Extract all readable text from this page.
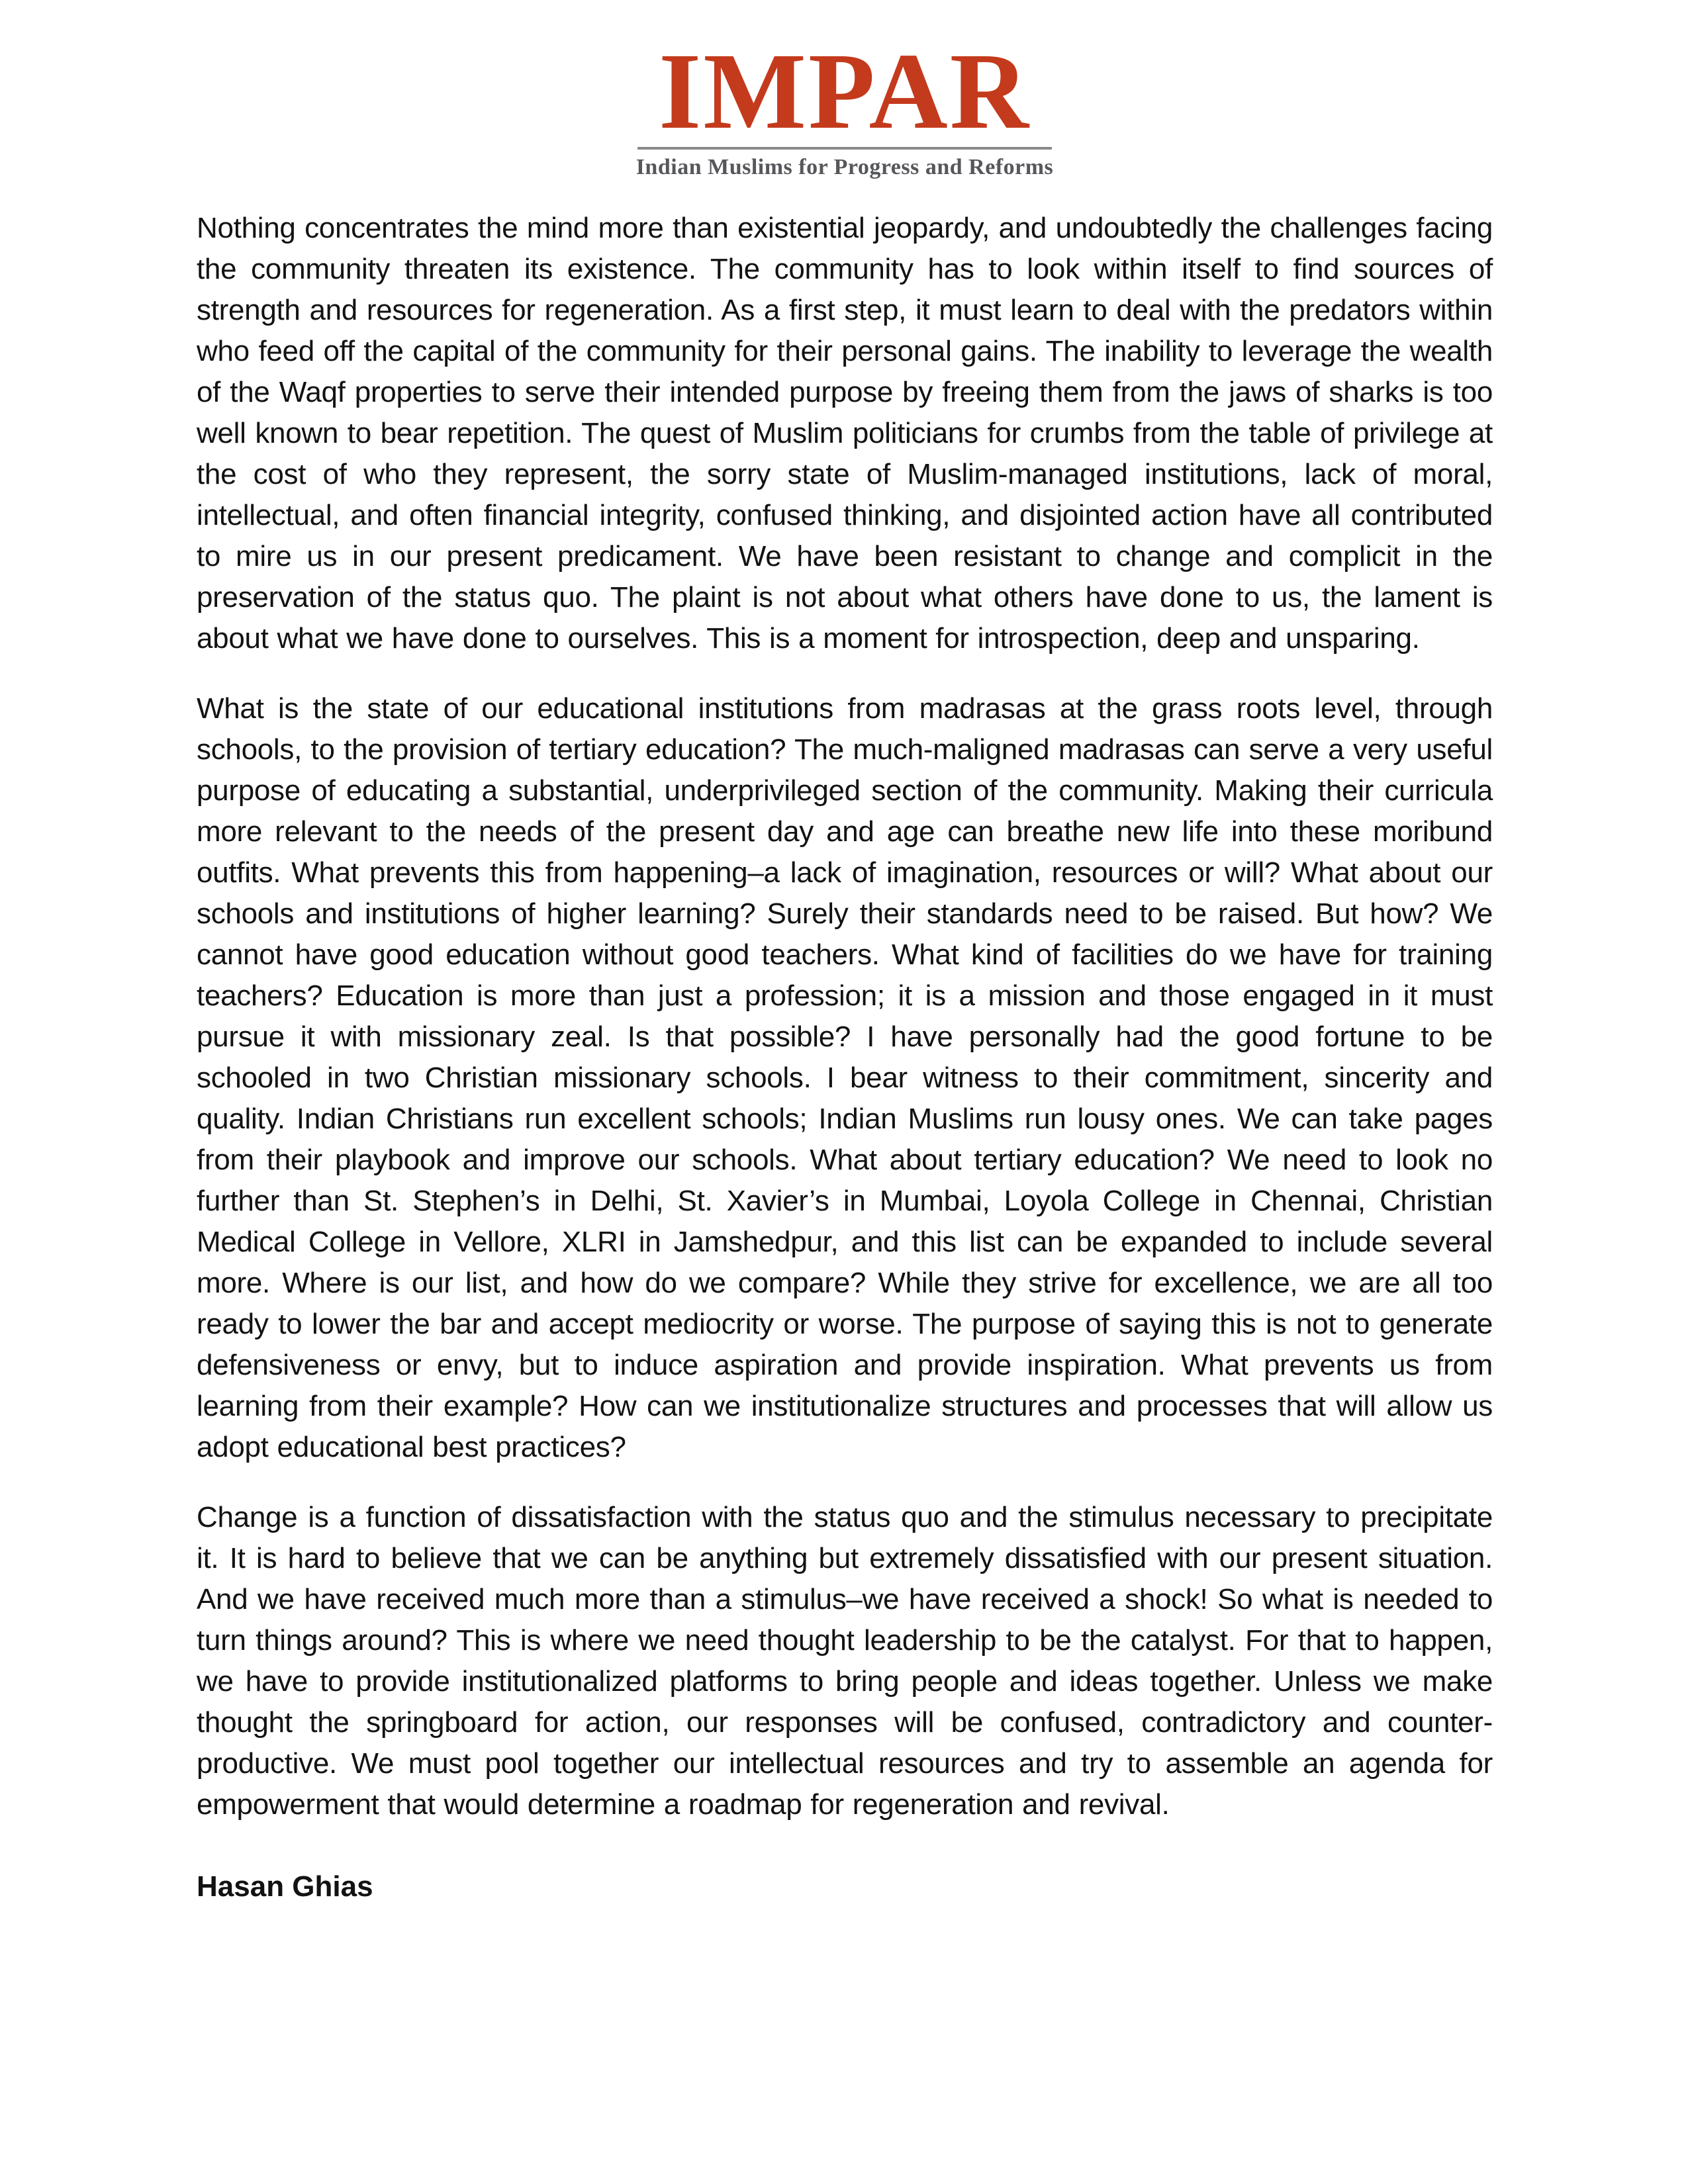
IMPAR
Indian Muslims for Progress and Reforms

Nothing concentrates the mind more than existential jeopardy, and undoubtedly the challenges facing the community threaten its existence. The community has to look within itself to find sources of strength and resources for regeneration. As a first step, it must learn to deal with the predators within who feed off the capital of the community for their personal gains. The inability to leverage the wealth of the Waqf properties to serve their intended purpose by freeing them from the jaws of sharks is too well known to bear repetition. The quest of Muslim politicians for crumbs from the table of privilege at the cost of who they represent, the sorry state of Muslim-managed institutions, lack of moral, intellectual, and often financial integrity, confused thinking, and disjointed action have all contributed to mire us in our present predicament. We have been resistant to change and complicit in the preservation of the status quo. The plaint is not about what others have done to us, the lament is about what we have done to ourselves. This is a moment for introspection, deep and unsparing.

What is the state of our educational institutions from madrasas at the grass roots level, through schools, to the provision of tertiary education? The much-maligned madrasas can serve a very useful purpose of educating a substantial, underprivileged section of the community. Making their curricula more relevant to the needs of the present day and age can breathe new life into these moribund outfits. What prevents this from happening–a lack of imagination, resources or will? What about our schools and institutions of higher learning? Surely their standards need to be raised. But how? We cannot have good education without good teachers. What kind of facilities do we have for training teachers? Education is more than just a profession; it is a mission and those engaged in it must pursue it with missionary zeal. Is that possible? I have personally had the good fortune to be schooled in two Christian missionary schools. I bear witness to their commitment, sincerity and quality. Indian Christians run excellent schools; Indian Muslims run lousy ones. We can take pages from their playbook and improve our schools. What about tertiary education? We need to look no further than St. Stephen’s in Delhi, St. Xavier’s in Mumbai, Loyola College in Chennai, Christian Medical College in Vellore, XLRI in Jamshedpur, and this list can be expanded to include several more. Where is our list, and how do we compare? While they strive for excellence, we are all too ready to lower the bar and accept mediocrity or worse. The purpose of saying this is not to generate defensiveness or envy, but to induce aspiration and provide inspiration. What prevents us from learning from their example? How can we institutionalize structures and processes that will allow us adopt educational best practices?

Change is a function of dissatisfaction with the status quo and the stimulus necessary to precipitate it. It is hard to believe that we can be anything but extremely dissatisfied with our present situation. And we have received much more than a stimulus–we have received a shock! So what is needed to turn things around? This is where we need thought leadership to be the catalyst. For that to happen, we have to provide institutionalized platforms to bring people and ideas together. Unless we make thought the springboard for action, our responses will be confused, contradictory and counter-productive. We must pool together our intellectual resources and try to assemble an agenda for empowerment that would determine a roadmap for regeneration and revival.

Hasan Ghias
